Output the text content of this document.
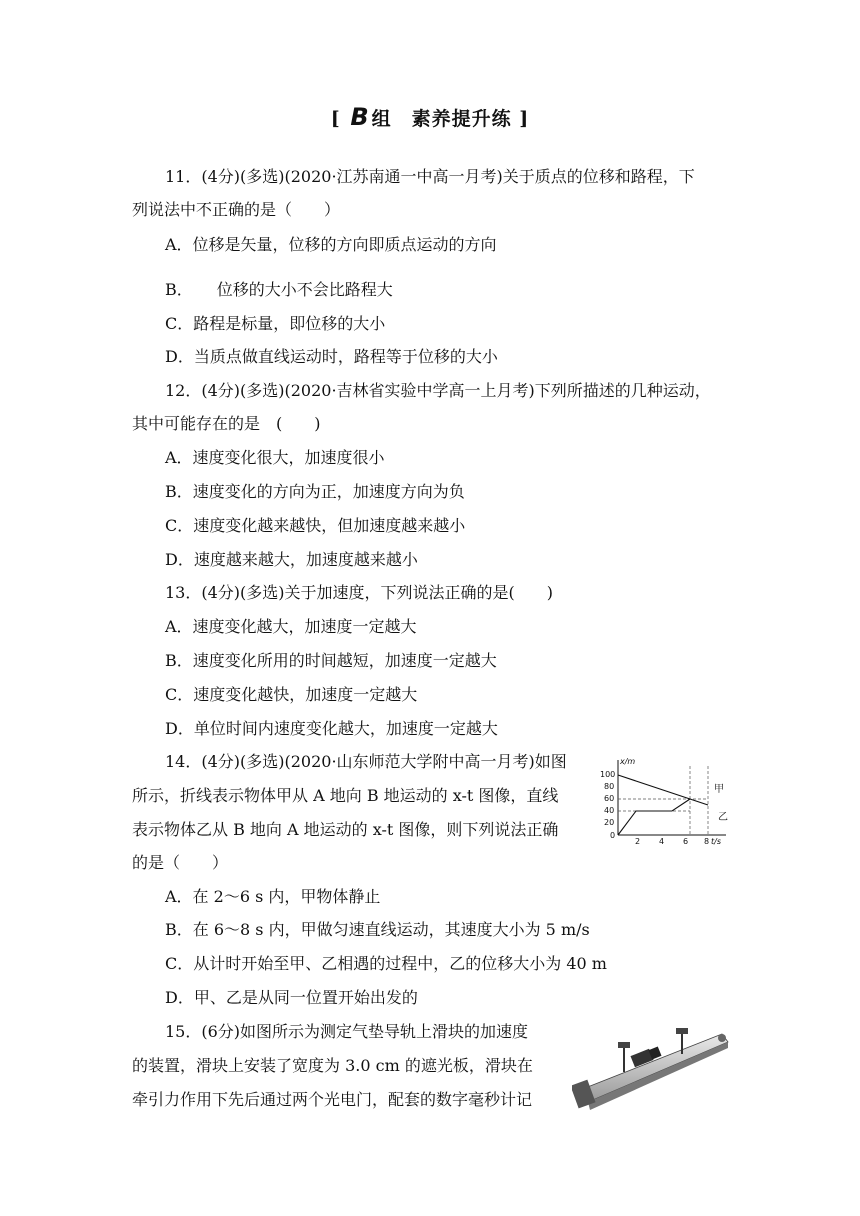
[ B 组　素养提升练 ]
11．(4分)(多选)(2020·江苏南通一中高一月考)关于质点的位移和路程，下
列说法中不正确的是（　　）
A．位移是矢量，位移的方向即质点运动的方向
B．　　位移的大小不会比路程大
C．路程是标量，即位移的大小
D．当质点做直线运动时，路程等于位移的大小
12．(4分)(多选)(2020·吉林省实验中学高一上月考)下列所描述的几种运动，
其中可能存在的是　(　　)
A．速度变化很大，加速度很小
B．速度变化的方向为正，加速度方向为负
C．速度变化越来越快，但加速度越来越小
D．速度越来越大，加速度越来越小
13．(4分)(多选)关于加速度，下列说法正确的是(　　)
A．速度变化越大，加速度一定越大
B．速度变化所用的时间越短，加速度一定越大
C．速度变化越快，加速度一定越大
D．单位时间内速度变化越大，加速度一定越大
14．(4分)(多选)(2020·山东师范大学附中高一月考)如图
所示，折线表示物体甲从 A 地向 B 地运动的 x-t 图像，直线
表示物体乙从 B 地向 A 地运动的 x-t 图像，则下列说法正确
的是（　　）
A．在 2～6 s 内，甲物体静止
B．在 6～8 s 内，甲做匀速直线运动，其速度大小为 5 m/s
C．从计时开始至甲、乙相遇的过程中，乙的位移大小为 40 m
D．甲、乙是从同一位置开始出发的
x/m
t/s
100
80
60
40
20
0
2 4 6 8
甲
乙
15．(6分)如图所示为测定气垫导轨上滑块的加速度
的装置，滑块上安装了宽度为 3.0 cm 的遮光板，滑块在
牵引力作用下先后通过两个光电门，配套的数字毫秒计记
